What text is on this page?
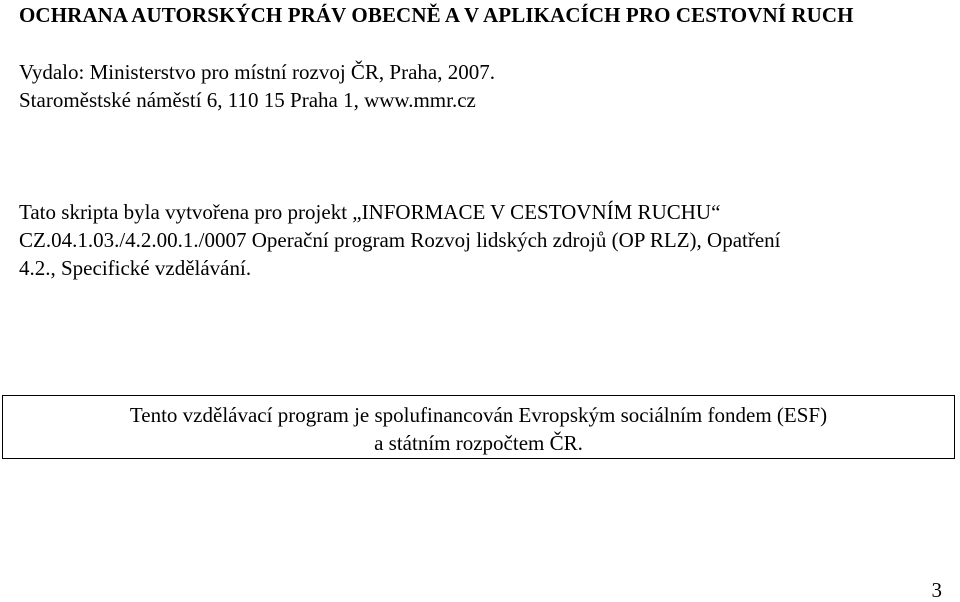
OCHRANA AUTORSKÝCH PRÁV OBECNĚ A V APLIKACÍCH PRO CESTOVNÍ RUCH
Vydalo: Ministerstvo pro místní rozvoj ČR, Praha, 2007.
Staroměstské náměstí 6, 110 15 Praha 1, www.mmr.cz
Tato skripta byla vytvořena pro projekt „INFORMACE V CESTOVNÍM RUCHU“
CZ.04.1.03./4.2.00.1./0007 Operační program Rozvoj lidských zdrojů (OP RLZ), Opatření
4.2., Specifické vzdělávání.
Tento vzdělávací program je spolufinancován Evropským sociálním fondem (ESF)
a státním rozpočtem ČR.
3
